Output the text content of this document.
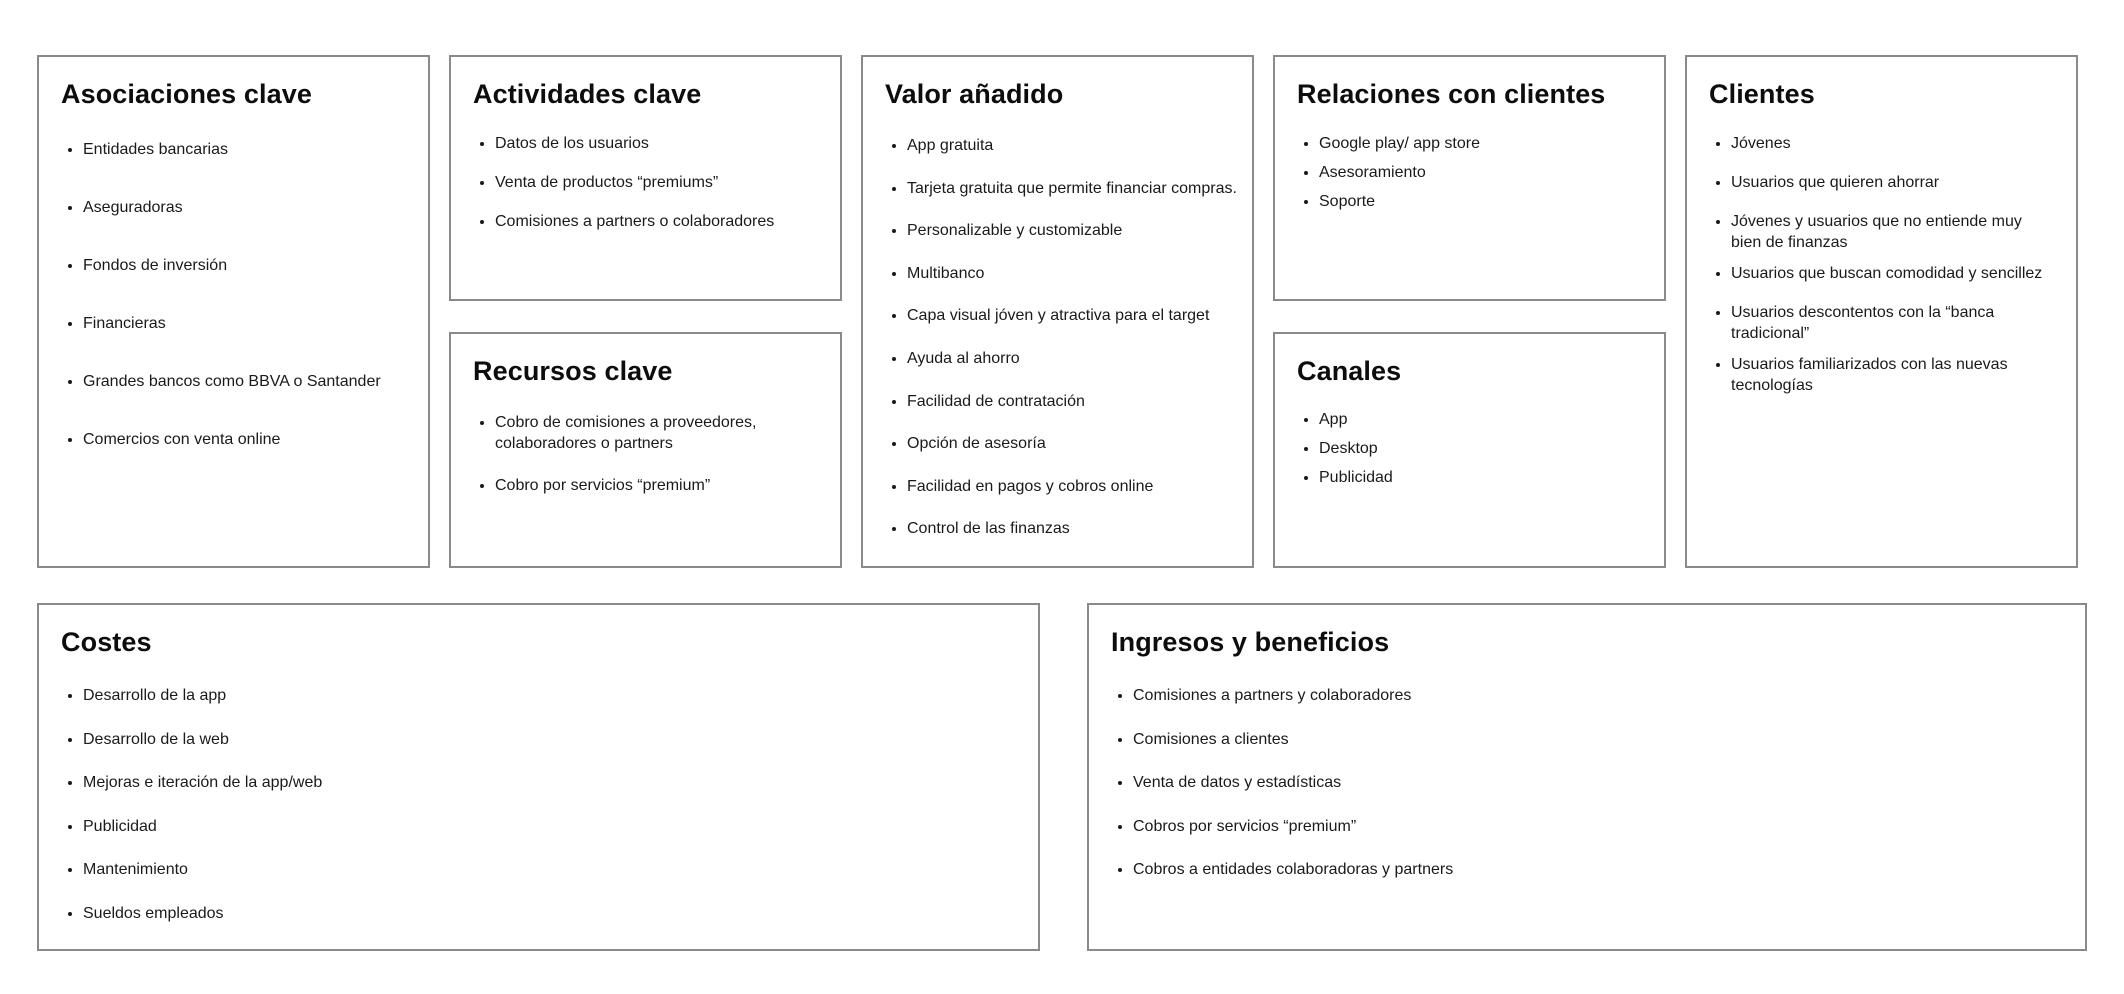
Asociaciones clave
• Entidades bancarias
• Aseguradoras
• Fondos de inversión
• Financieras
• Grandes bancos como BBVA o Santander
• Comercios con venta online
Actividades clave
• Datos de los usuarios
• Venta de productos “premiums”
• Comisiones a partners o colaboradores
Recursos clave
• Cobro de comisiones a proveedores, colaboradores o partners
• Cobro por servicios “premium”
Valor añadido
• App gratuita
• Tarjeta gratuita que permite financiar compras.
• Personalizable y customizable
• Multibanco
• Capa visual jóven y atractiva para el target
• Ayuda al ahorro
• Facilidad de contratación
• Opción de asesoría
• Facilidad en pagos y cobros online
• Control de las finanzas
Relaciones con clientes
• Google play/ app store
• Asesoramiento
• Soporte
Canales
• App
• Desktop
• Publicidad
Clientes
• Jóvenes
• Usuarios que quieren ahorrar
• Jóvenes y usuarios que no entiende muy bien de finanzas
• Usuarios que buscan comodidad y sencillez
• Usuarios descontentos con la “banca tradicional”
• Usuarios familiarizados con las nuevas tecnologías
Costes
• Desarrollo de la app
• Desarrollo de la web
• Mejoras e iteración de la app/web
• Publicidad
• Mantenimiento
• Sueldos empleados
Ingresos y beneficios
• Comisiones a partners y colaboradores
• Comisiones a clientes
• Venta de datos y estadísticas
• Cobros por servicios “premium”
• Cobros a entidades colaboradoras y partners
